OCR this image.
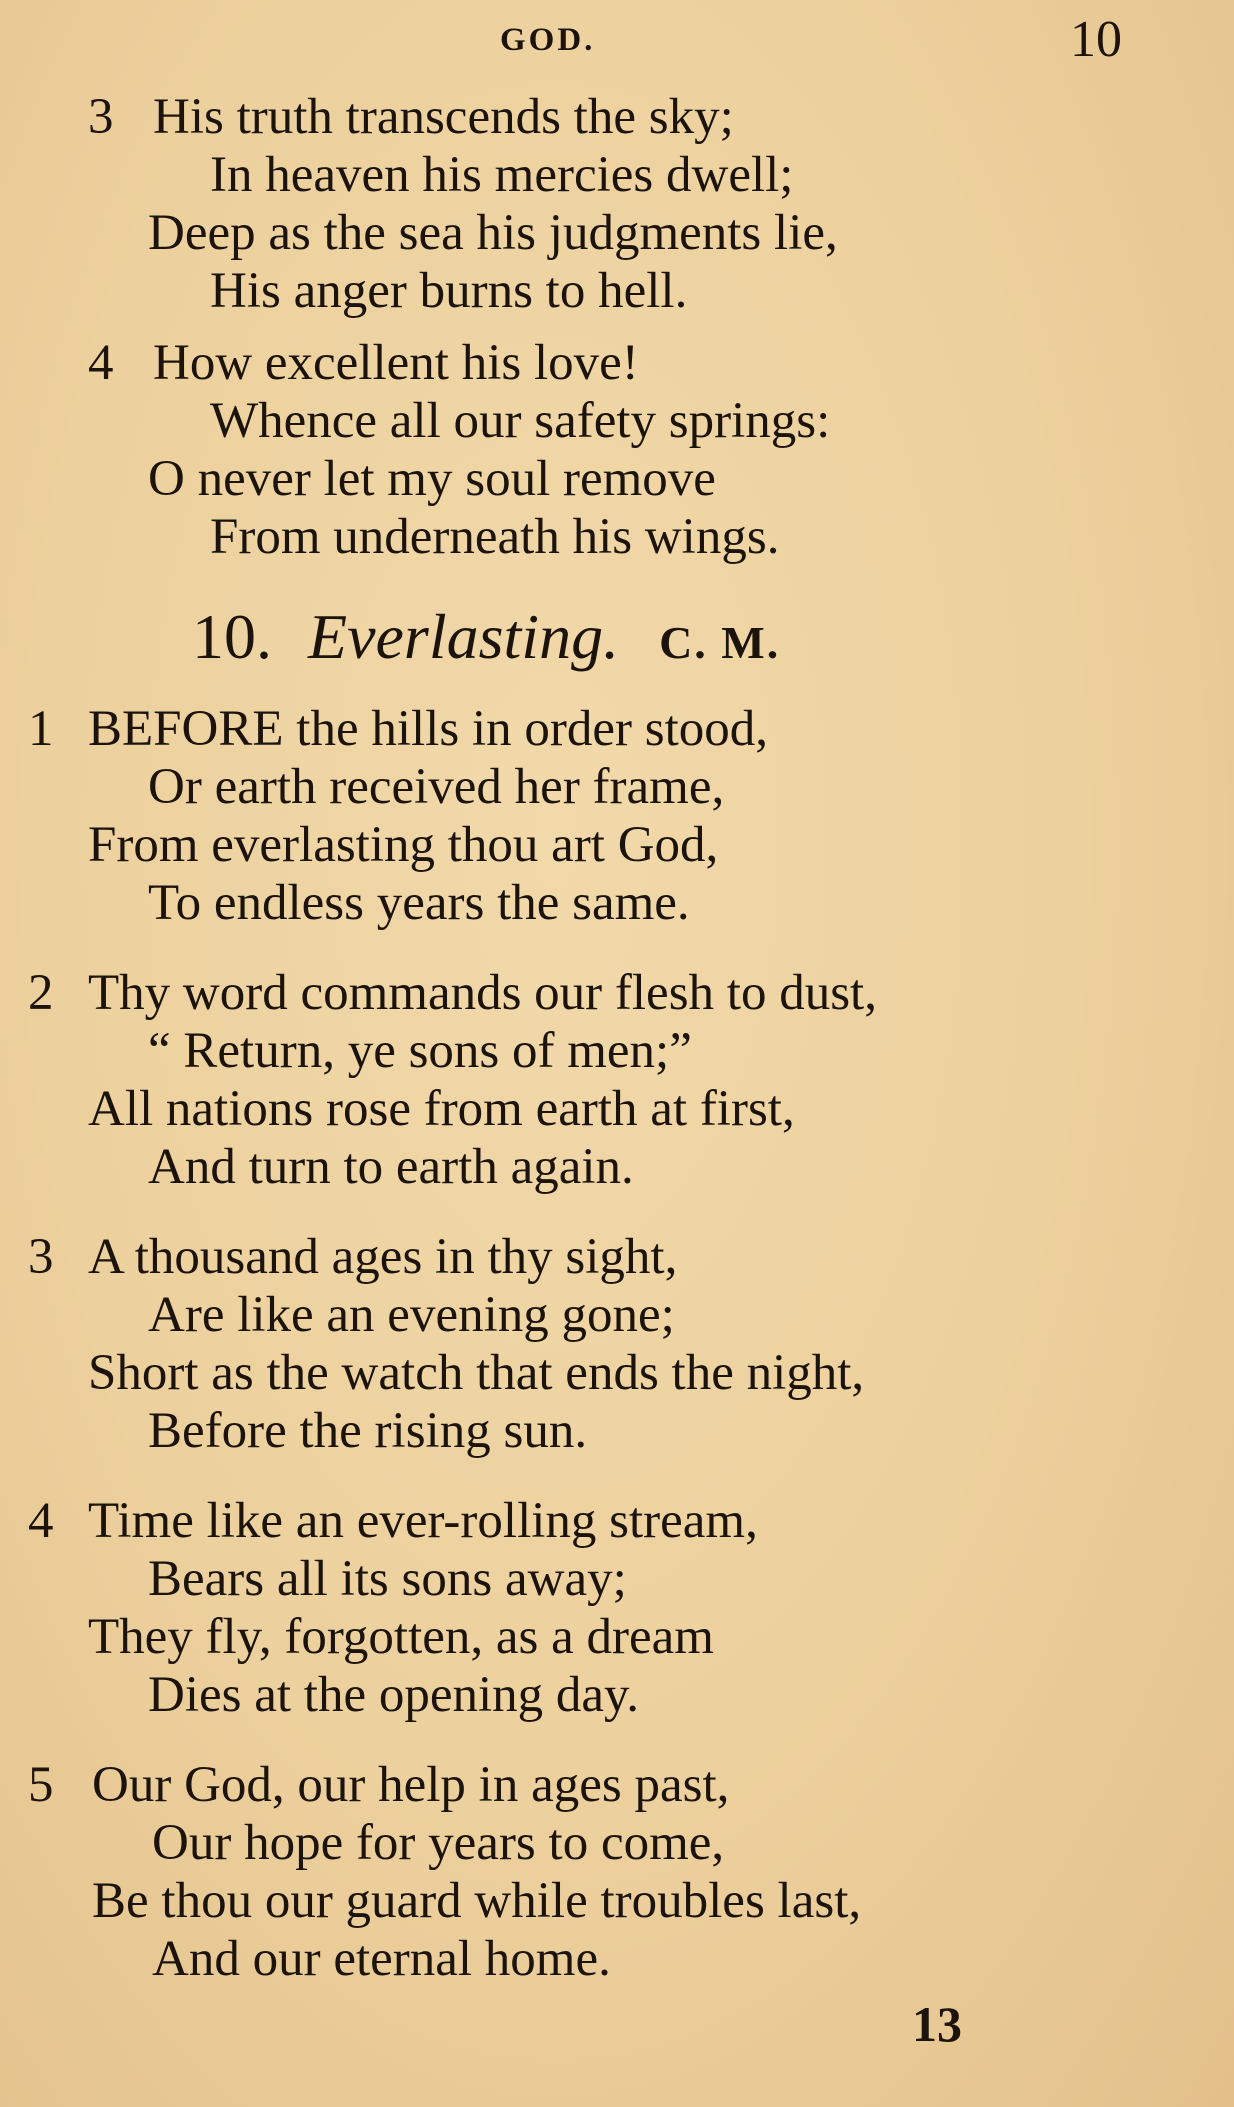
GOD.	10
3 His truth transcends the sky;
In heaven his mercies dwell;
Deep as the sea his judgments lie,
His anger burns to hell.
4 How excellent his love!
Whence all our safety springs:
O never let my soul remove
From underneath his wings.
10. Everlasting. C. M.
1 BEFORE the hills in order stood,
Or earth received her frame,
From everlasting thou art God,
To endless years the same.
2 Thy word commands our flesh to dust,
“ Return, ye sons of men;”
All nations rose from earth at first,
And turn to earth again.
3 A thousand ages in thy sight,
Are like an evening gone;
Short as the watch that ends the night,
Before the rising sun.
4 Time like an ever-rolling stream,
Bears all its sons away;
They fly, forgotten, as a dream
Dies at the opening day.
5 Our God, our help in ages past,
Our hope for years to come,
Be thou our guard while troubles last,
And our eternal home.
13
